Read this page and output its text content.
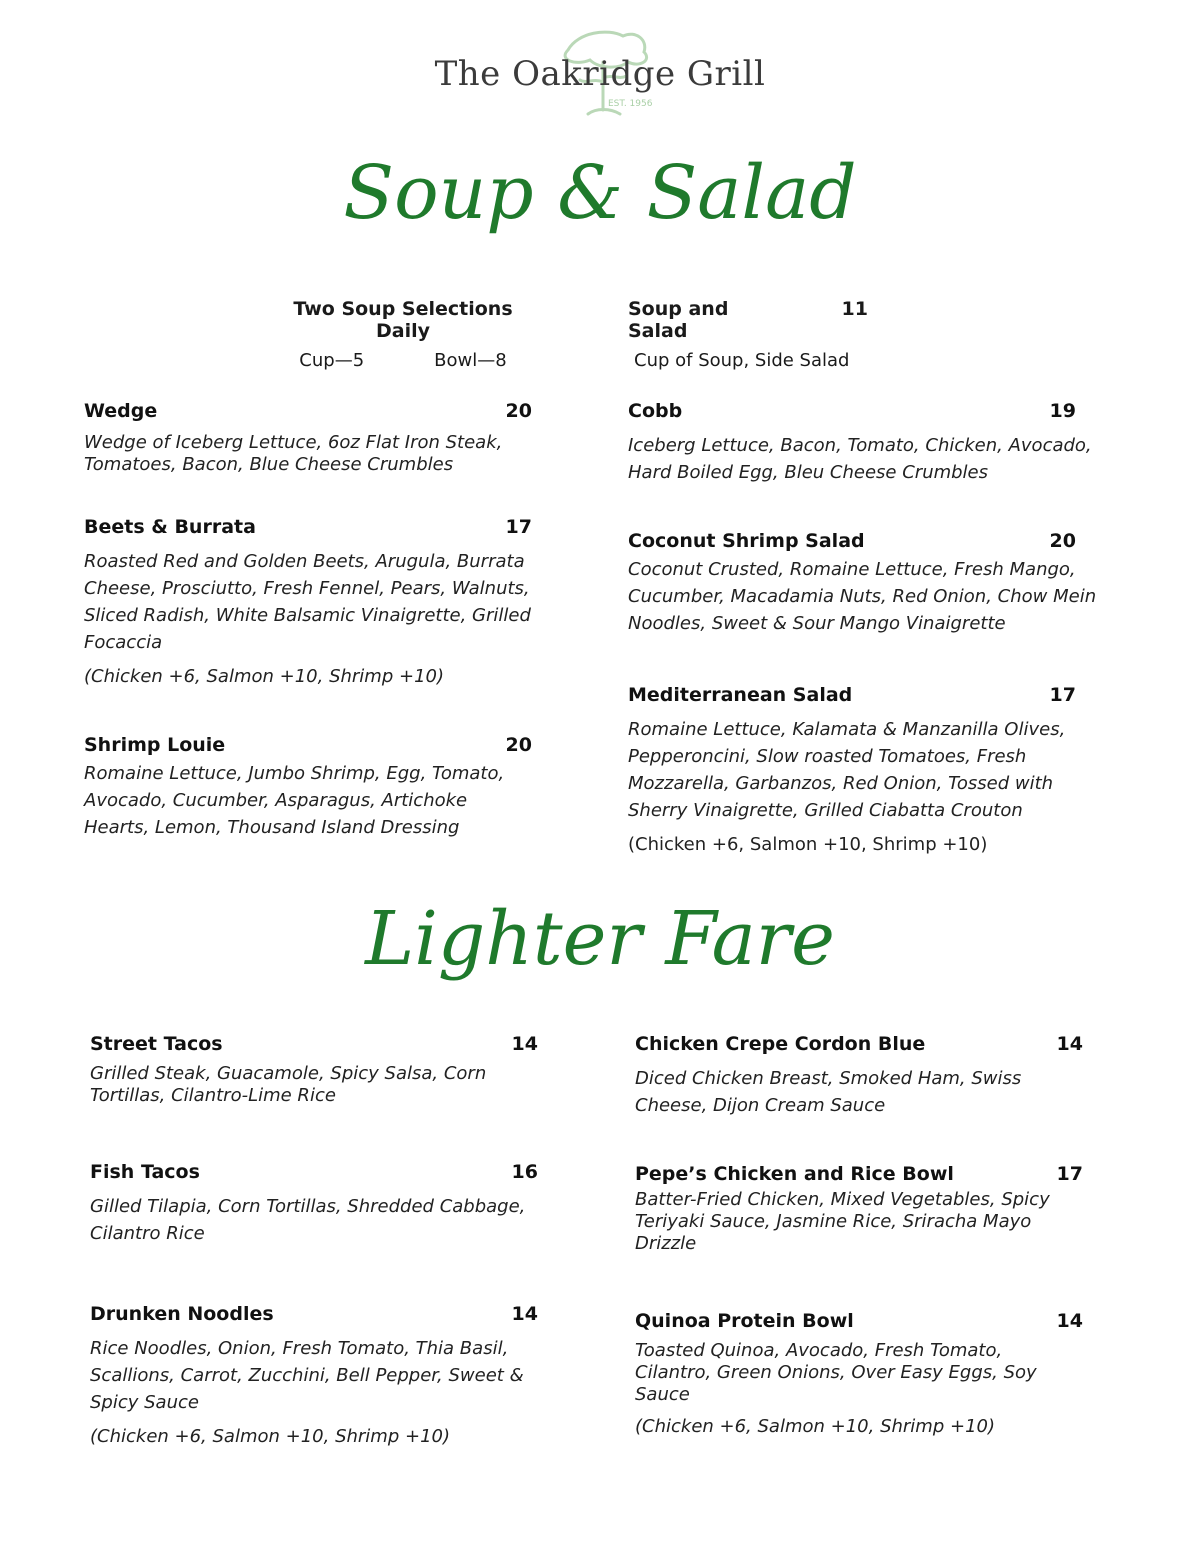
EST. 1956
The Oakridge Grill
Soup & Salad
Two Soup Selections Daily
Cup—5	Bowl—8
Soup and Salad
11
Cup of Soup, Side Salad
Wedge	20
Wedge of Iceberg Lettuce, 6oz Flat Iron Steak, Tomatoes, Bacon, Blue Cheese Crumbles
Beets & Burrata	17
Roasted Red and Golden Beets, Arugula, Burrata Cheese, Prosciutto, Fresh Fennel, Pears, Walnuts, Sliced Radish, White Balsamic Vinaigrette, Grilled Focaccia
(Chicken +6, Salmon +10, Shrimp +10)
Shrimp Louie	20
Romaine Lettuce, Jumbo Shrimp, Egg, Tomato, Avocado, Cucumber, Asparagus, Artichoke Hearts, Lemon, Thousand Island Dressing
Cobb	19
Iceberg Lettuce, Bacon, Tomato, Chicken, Avocado, Hard Boiled Egg, Bleu Cheese Crumbles
Coconut Shrimp Salad	20
Coconut Crusted, Romaine Lettuce, Fresh Mango, Cucumber, Macadamia Nuts, Red Onion, Chow Mein Noodles, Sweet & Sour Mango Vinaigrette
Mediterranean Salad	17
Romaine Lettuce, Kalamata & Manzanilla Olives, Pepperoncini, Slow roasted Tomatoes, Fresh Mozzarella, Garbanzos, Red Onion, Tossed with Sherry Vinaigrette, Grilled Ciabatta Crouton
(Chicken +6, Salmon +10, Shrimp +10)
Lighter Fare
Street Tacos	14
Grilled Steak, Guacamole, Spicy Salsa, Corn Tortillas, Cilantro-Lime Rice
Fish Tacos	16
Gilled Tilapia, Corn Tortillas, Shredded Cabbage, Cilantro Rice
Drunken Noodles	14
Rice Noodles, Onion, Fresh Tomato, Thia Basil, Scallions, Carrot, Zucchini, Bell Pepper, Sweet & Spicy Sauce
(Chicken +6, Salmon +10, Shrimp +10)
Chicken Crepe Cordon Blue	14
Diced Chicken Breast, Smoked Ham, Swiss Cheese, Dijon Cream Sauce
Pepe’s Chicken and Rice Bowl	17
Batter-Fried Chicken, Mixed Vegetables, Spicy Teriyaki Sauce, Jasmine Rice, Sriracha Mayo Drizzle
Quinoa Protein Bowl	14
Toasted Quinoa, Avocado, Fresh Tomato, Cilantro, Green Onions, Over Easy Eggs, Soy Sauce
(Chicken +6, Salmon +10, Shrimp +10)
